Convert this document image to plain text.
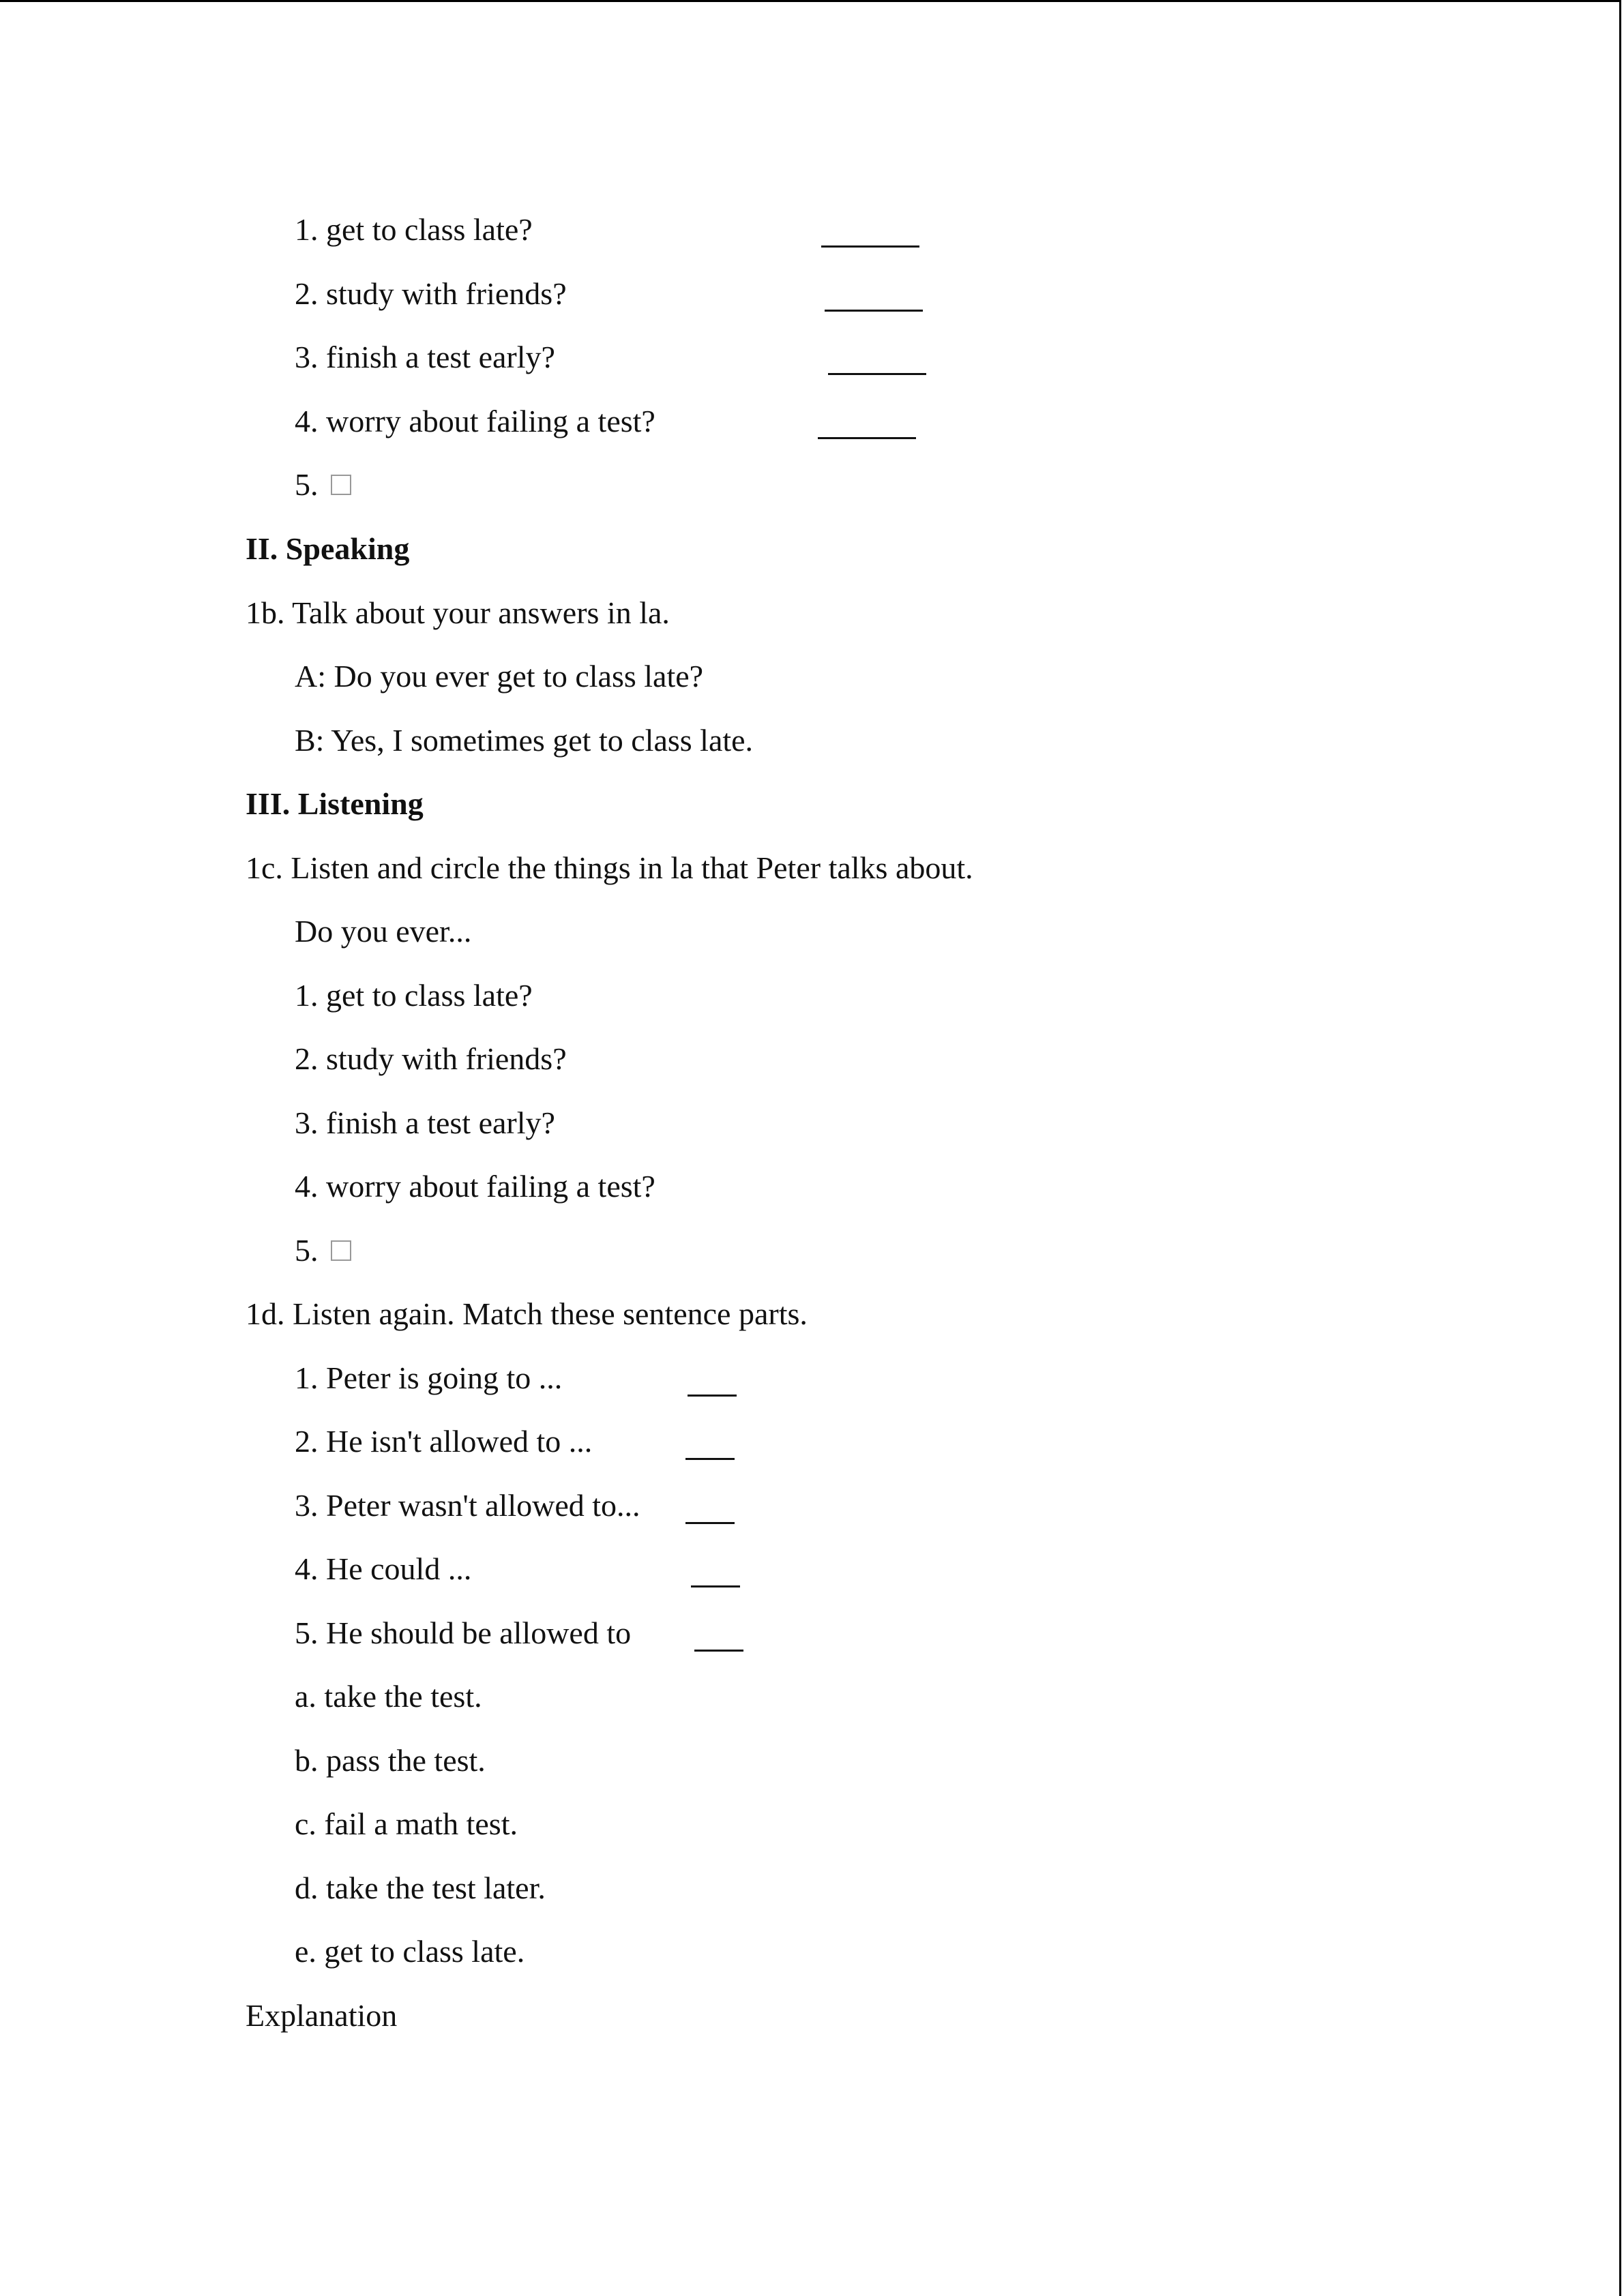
1. get to class late?
2. study with friends?
3. finish a test early?
4. worry about failing a test?
5.
II. Speaking
1b. Talk about your answers in la.
A: Do you ever get to class late?
B: Yes, I sometimes get to class late.
III. Listening
1c. Listen and circle the things in la that Peter talks about.
Do you ever...
1. get to class late?
2. study with friends?
3. finish a test early?
4. worry about failing a test?
5.
1d. Listen again. Match these sentence parts.
1. Peter is going to ...
2. He isn't allowed to ...
3. Peter wasn't allowed to...
4. He could ...
5. He should be allowed to
a. take the test.
b. pass the test.
c. fail a math test.
d. take the test later.
e. get to class late.
Explanation
